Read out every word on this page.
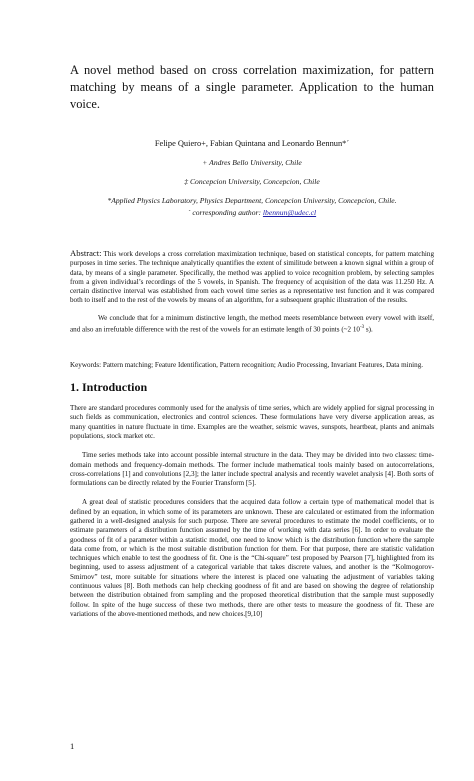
A novel method based on cross correlation maximization, for pattern matching by means of a single parameter. Application to the human voice.

Felipe Quiero+, Fabian Quintana and Leonardo Bennun*´

+ Andres Bello University, Chile

‡ Concepcion University, Concepcion, Chile

*Applied Physics Laboratory, Physics Department, Concepcion University, Concepcion, Chile.

´ corresponding author: lbennun@udec.cl

Abstract: This work develops a cross correlation maximization technique, based on statistical concepts, for pattern matching purposes in time series. The technique analytically quantifies the extent of similitude between a known signal within a group of data, by means of a single parameter. Specifically, the method was applied to voice recognition problem, by selecting samples from a given individual’s recordings of the 5 vowels, in Spanish. The frequency of acquisition of the data was 11.250 Hz. A certain distinctive interval was established from each vowel time series as a representative test function and it was compared both to itself and to the rest of the vowels by means of an algorithm, for a subsequent graphic illustration of the results.

We conclude that for a minimum distinctive length, the method meets resemblance between every vowel with itself, and also an irrefutable difference with the rest of the vowels for an estimate length of 30 points (~2 $10^{-3}$ s).

Keywords: Pattern matching; Feature Identification, Pattern recognition; Audio Processing, Invariant Features, Data mining.

1. Introduction

There are standard procedures commonly used for the analysis of time series, which are widely applied for signal processing in such fields as communication, electronics and control sciences. These formulations have very diverse application areas, as many quantities in nature fluctuate in time. Examples are the weather, seismic waves, sunspots, heartbeat, plants and animals populations, stock market etc.

Time series methods take into account possible internal structure in the data. They may be divided into two classes: time-domain methods and frequency-domain methods. The former include mathematical tools mainly based on autocorrelations, cross-correlations [1] and convolutions [2,3]; the latter include spectral analysis and recently wavelet analysis [4]. Both sorts of formulations can be directly related by the Fourier Transform [5].

A great deal of statistic procedures considers that the acquired data follow a certain type of mathematical model that is defined by an equation, in which some of its parameters are unknown. These are calculated or estimated from the information gathered in a well-designed analysis for such purpose. There are several procedures to estimate the model coefficients, or to estimate parameters of a distribution function assumed by the time of working with data series [6]. In order to evaluate the goodness of fit of a parameter within a statistic model, one need to know which is the distribution function where the sample data come from, or which is the most suitable distribution function for them. For that purpose, there are statistic validation techniques which enable to test the goodness of fit. One is the “Chi-square” test proposed by Pearson [7], highlighted from its beginning, used to assess adjustment of a categorical variable that takes discrete values, and another is the “Kolmogorov-Smirnov” test, more suitable for situations where the interest is placed one valuating the adjustment of variables taking continuous values [8]. Both methods can help checking goodness of fit and are based on showing the degree of relationship between the distribution obtained from sampling and the proposed theoretical distribution that the sample must supposedly follow. In spite of the huge success of these two methods, there are other tests to measure the goodness of fit. These are variations of the above-mentioned methods, and new choices.[9,10]

1
